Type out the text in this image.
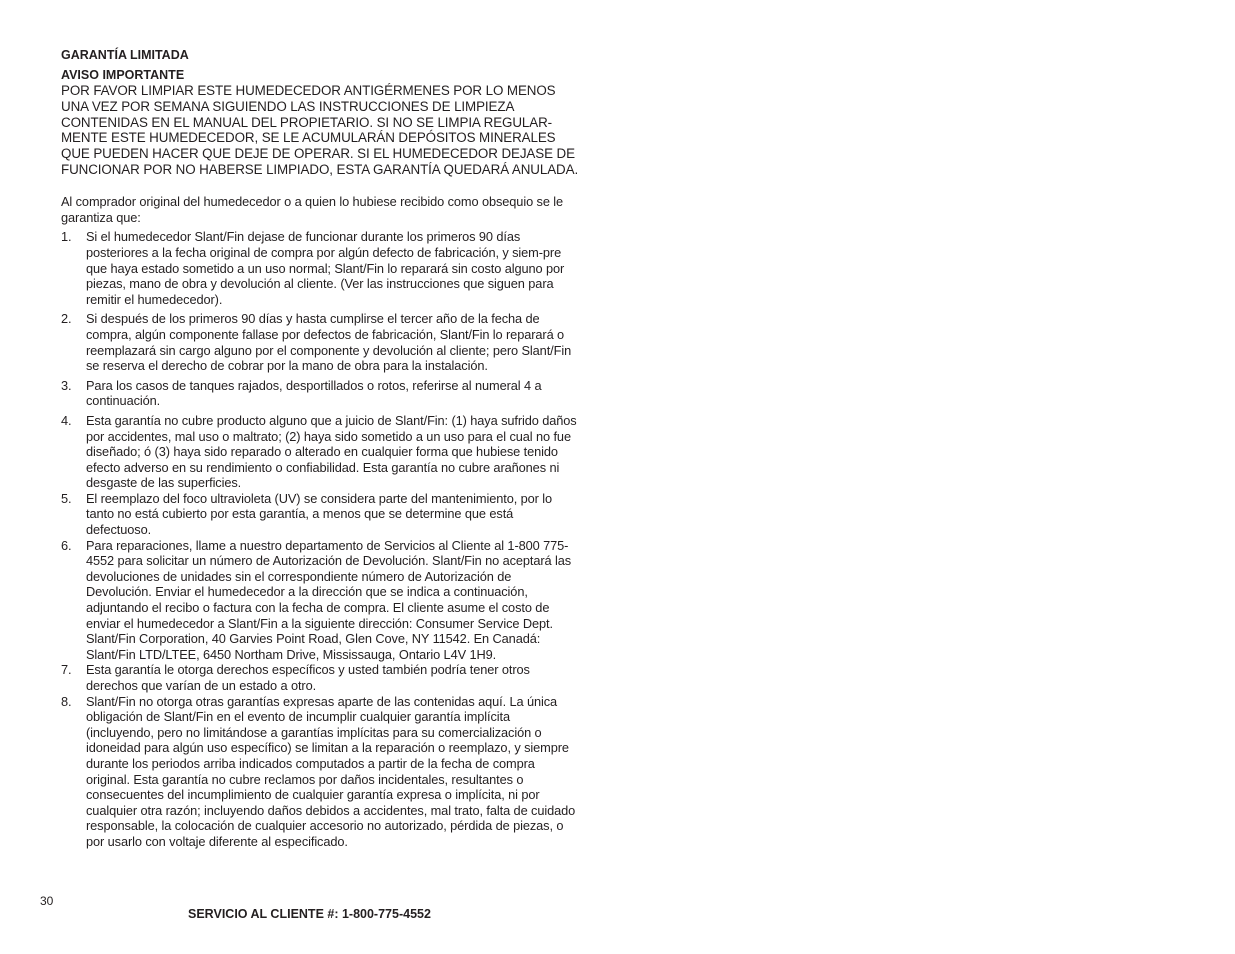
GARANTÍA LIMITADA

AVISO IMPORTANTE

POR FAVOR LIMPIAR ESTE HUMEDECEDOR ANTIGÉRMENES POR LO MENOS UNA VEZ POR SEMANA SIGUIENDO LAS INSTRUCCIONES DE LIMPIEZA CONTENIDAS EN EL MANUAL DEL PROPIETARIO. SI NO SE LIMPIA REGULAR-MENTE ESTE HUMEDECEDOR, SE LE ACUMULARÁN DEPÓSITOS MINERALES QUE PUEDEN HACER QUE DEJE DE OPERAR. SI EL HUMEDECEDOR DEJASE DE FUNCIONAR POR NO HABERSE LIMPIADO, ESTA GARANTÍA QUEDARÁ ANULADA.

Al comprador original del humedecedor o a quien lo hubiese recibido como obsequio se le garantiza que:

1. Si el humedecedor Slant/Fin dejase de funcionar durante los primeros 90 días posteriores a la fecha original de compra por algún defecto de fabricación, y siem-pre que haya estado sometido a un uso normal; Slant/Fin lo reparará sin costo alguno por piezas, mano de obra y devolución al cliente. (Ver las instrucciones que siguen para remitir el humedecedor).
2. Si después de los primeros 90 días y hasta cumplirse el tercer año de la fecha de compra, algún componente fallase por defectos de fabricación, Slant/Fin lo reparará o reemplazará sin cargo alguno por el componente y devolución al cliente; pero Slant/Fin se reserva el derecho de cobrar por la mano de obra para la instalación.
3. Para los casos de tanques rajados, desportillados o rotos, referirse al numeral 4 a continuación.
4. Esta garantía no cubre producto alguno que a juicio de Slant/Fin: (1) haya sufrido daños por accidentes, mal uso o maltrato; (2) haya sido sometido a un uso para el cual no fue diseñado; ó (3) haya sido reparado o alterado en cualquier forma que hubiese tenido efecto adverso en su rendimiento o confiabilidad. Esta garantía no cubre arañones ni desgaste de las superficies.
5. El reemplazo del foco ultravioleta (UV) se considera parte del mantenimiento, por lo tanto no está cubierto por esta garantía, a menos que se determine que está defectuoso.
6. Para reparaciones, llame a nuestro departamento de Servicios al Cliente al 1-800 775-4552 para solicitar un número de Autorización de Devolución. Slant/Fin no aceptará las devoluciones de unidades sin el correspondiente número de Autorización de Devolución. Enviar el humedecedor a la dirección que se indica a continuación, adjuntando el recibo o factura con la fecha de compra. El cliente asume el costo de enviar el humedecedor a Slant/Fin a la siguiente dirección: Consumer Service Dept. Slant/Fin Corporation, 40 Garvies Point Road, Glen Cove, NY 11542. En Canadá: Slant/Fin LTD/LTEE, 6450 Northam Drive, Mississauga, Ontario L4V 1H9.
7. Esta garantía le otorga derechos específicos y usted también podría tener otros derechos que varían de un estado a otro.
8. Slant/Fin no otorga otras garantías expresas aparte de las contenidas aquí. La única obligación de Slant/Fin en el evento de incumplir cualquier garantía implícita (incluyendo, pero no limitándose a garantías implícitas para su comercialización o idoneidad para algún uso específico) se limitan a la reparación o reemplazo, y siempre durante los periodos arriba indicados computados a partir de la fecha de compra original. Esta garantía no cubre reclamos por daños incidentales, resultantes o consecuentes del incumplimiento de cualquier garantía expresa o implícita, ni por cualquier otra razón; incluyendo daños debidos a accidentes, mal trato, falta de cuidado responsable, la colocación de cualquier accesorio no autorizado, pérdida de piezas, o por usarlo con voltaje diferente al especificado.
30
SERVICIO AL CLIENTE #: 1-800-775-4552
